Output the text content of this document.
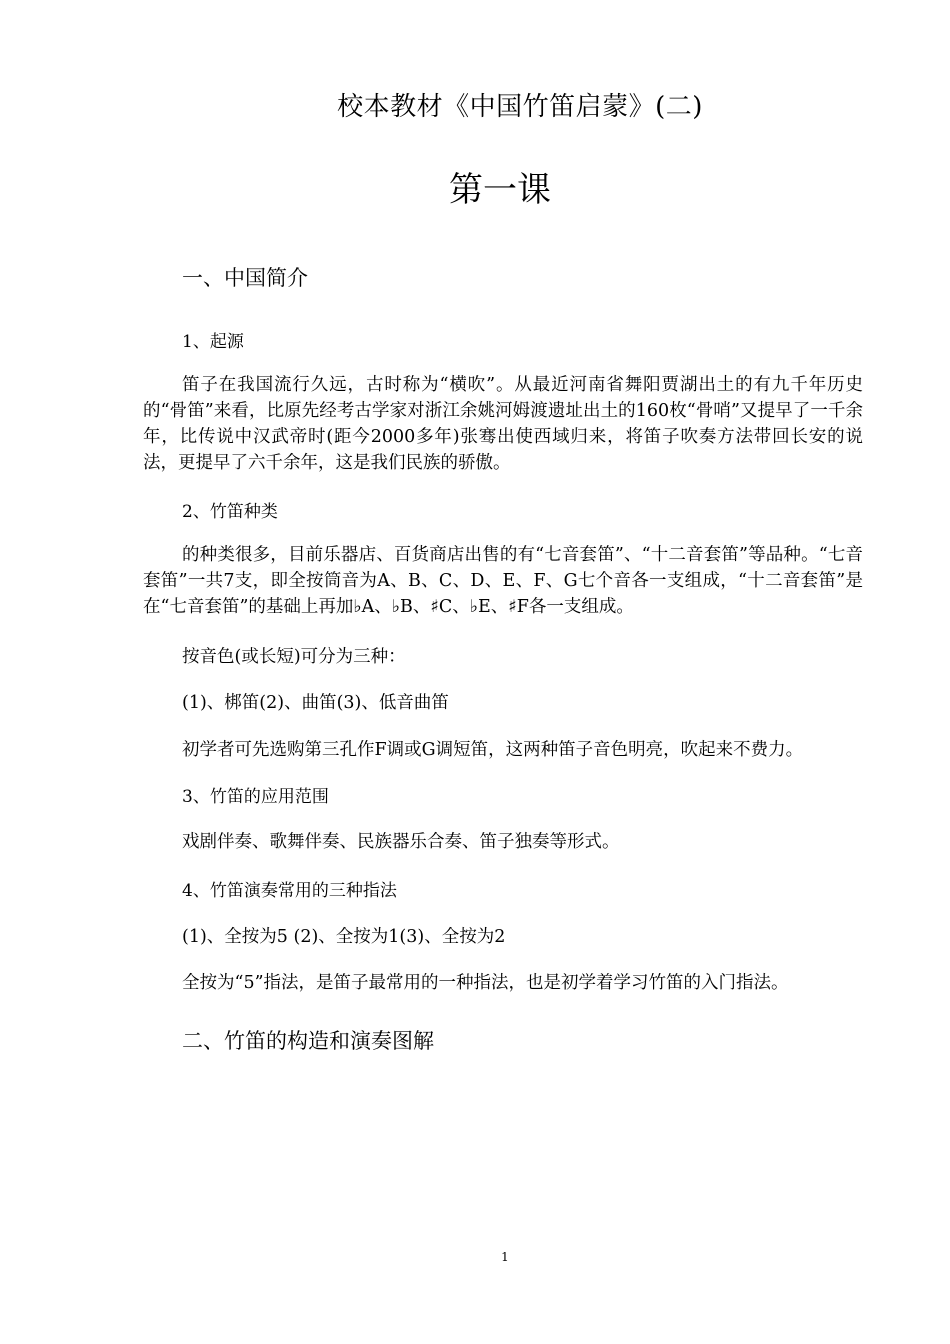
校本教材《中国竹笛启蒙》(二)
第一课
一、中国简介
1、起源
笛子在我国流行久远，古时称为“横吹”。从最近河南省舞阳贾湖出土的有九千年历史的“骨笛”来看，比原先经考古学家对浙江余姚河姆渡遗址出土的160枚“骨哨”又提早了一千余年，比传说中汉武帝时(距今2000多年)张骞出使西域归来，将笛子吹奏方法带回长安的说法，更提早了六千余年，这是我们民族的骄傲。
2、竹笛种类
的种类很多，目前乐器店、百货商店出售的有“七音套笛”、“十二音套笛”等品种。“七音套笛”一共7支，即全按筒音为A、B、C、D、E、F、G七个音各一支组成，“十二音套笛”是在“七音套笛”的基础上再加♭A、♭B、♯C、♭E、♯F各一支组成。
按音色(或长短)可分为三种：
(1)、梆笛(2)、曲笛(3)、低音曲笛
初学者可先选购第三孔作F调或G调短笛，这两种笛子音色明亮，吹起来不费力。
3、竹笛的应用范围
戏剧伴奏、歌舞伴奏、民族器乐合奏、笛子独奏等形式。
4、竹笛演奏常用的三种指法
(1)、全按为5 (2)、全按为1(3)、全按为2
全按为“5”指法，是笛子最常用的一种指法，也是初学着学习竹笛的入门指法。
二、竹笛的构造和演奏图解
1
